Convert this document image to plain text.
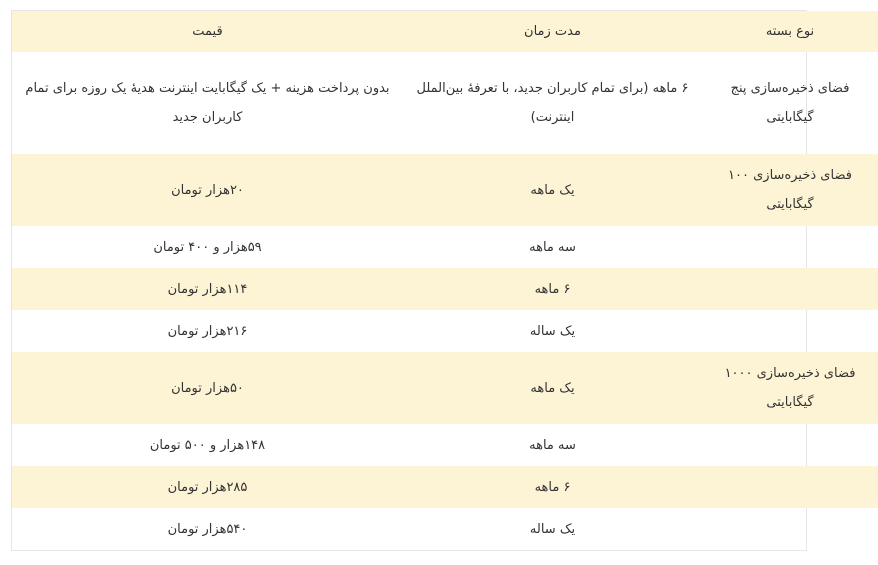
نوع بسته	مدت زمان	قیمت
فضای ذخیره‌سازی پنج گیگابایتی	۶ ماهه (برای تمام کاربران جدید، با تعرفهٔ بین‌الملل اینترنت)	بدون پرداخت هزینه + یک گیگابایت اینترنت هدیهٔ یک روزه برای تمام کاربران جدید
فضای ذخیره‌سازی ۱۰۰ گیگابایتی	یک ماهه	۲۰هزار تومان
	سه ماهه	۵۹هزار و ۴۰۰ تومان
	۶ ماهه	۱۱۴هزار تومان
	یک ساله	۲۱۶هزار تومان
فضای ذخیره‌سازی ۱۰۰۰ گیگابایتی	یک ماهه	۵۰هزار تومان
	سه ماهه	۱۴۸هزار و ۵۰۰ تومان
	۶ ماهه	۲۸۵هزار تومان
	یک ساله	۵۴۰هزار تومان
